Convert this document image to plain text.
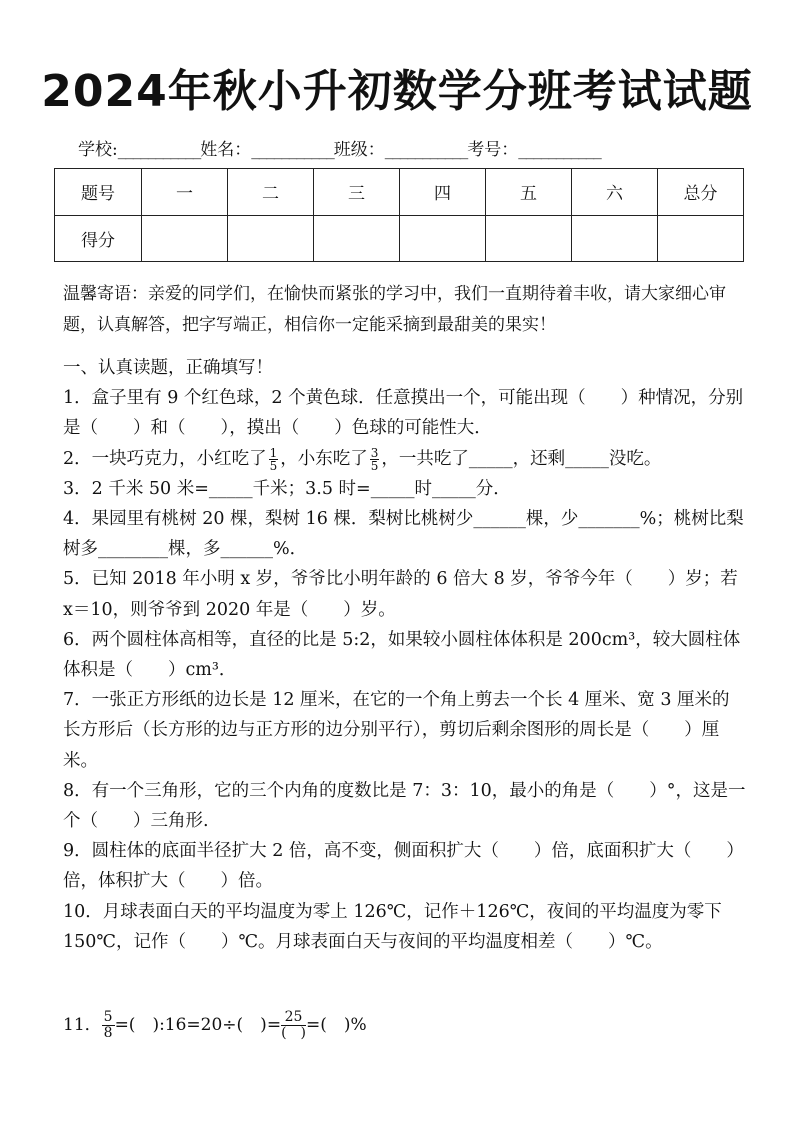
2024年秋小升初数学分班考试试题
学校:___________姓名：___________班级：___________考号：___________
题号	一	二	三	四	五	六	总分
得分							
温馨寄语：亲爱的同学们，在愉快而紧张的学习中，我们一直期待着丰收，请大家细心审题，认真解答，把字写端正，相信你一定能采摘到最甜美的果实！

一、认真读题，正确填写！

1．盒子里有 9 个红色球，2 个黄色球．任意摸出一个，可能出现（　　）种情况，分别是（　　）和（　　），摸出（　　）色球的可能性大．

2．一块巧克力，小红吃了 $\frac{1}{5}$ ，小东吃了 $\frac{3}{5}$ ，一共吃了_____，还剩_____没吃。

3．2 千米 50 米=_____千米；3.5 时=_____时_____分．

4．果园里有桃树 20 棵，梨树 16 棵．梨树比桃树少______棵，少_______%；桃树比梨树多________棵，多______%．

5．已知 2018 年小明 x 岁，爷爷比小明年龄的 6 倍大 8 岁，爷爷今年（　　）岁；若 x＝10，则爷爷到 2020 年是（　　）岁。

6．两个圆柱体高相等，直径的比是 5:2，如果较小圆柱体体积是 200cm³，较大圆柱体体积是（　　）cm³．

7．一张正方形纸的边长是 12 厘米，在它的一个角上剪去一个长 4 厘米、宽 3 厘米的长方形后（长方形的边与正方形的边分别平行），剪切后剩余图形的周长是（　　）厘米。

8．有一个三角形，它的三个内角的度数比是 7：3：10，最小的角是（　　）°，这是一个（　　）三角形.

9．圆柱体的底面半径扩大 2 倍，高不变，侧面积扩大（　　）倍，底面积扩大（　　）倍，体积扩大（　　）倍。

10．月球表面白天的平均温度为零上 126℃，记作＋126℃，夜间的平均温度为零下 150℃，记作（　　）℃。月球表面白天与夜间的平均温度相差（　　）℃。

11． $\frac{5}{8}$ =(　):16=20÷(　)= 25
(　) =(　)%
